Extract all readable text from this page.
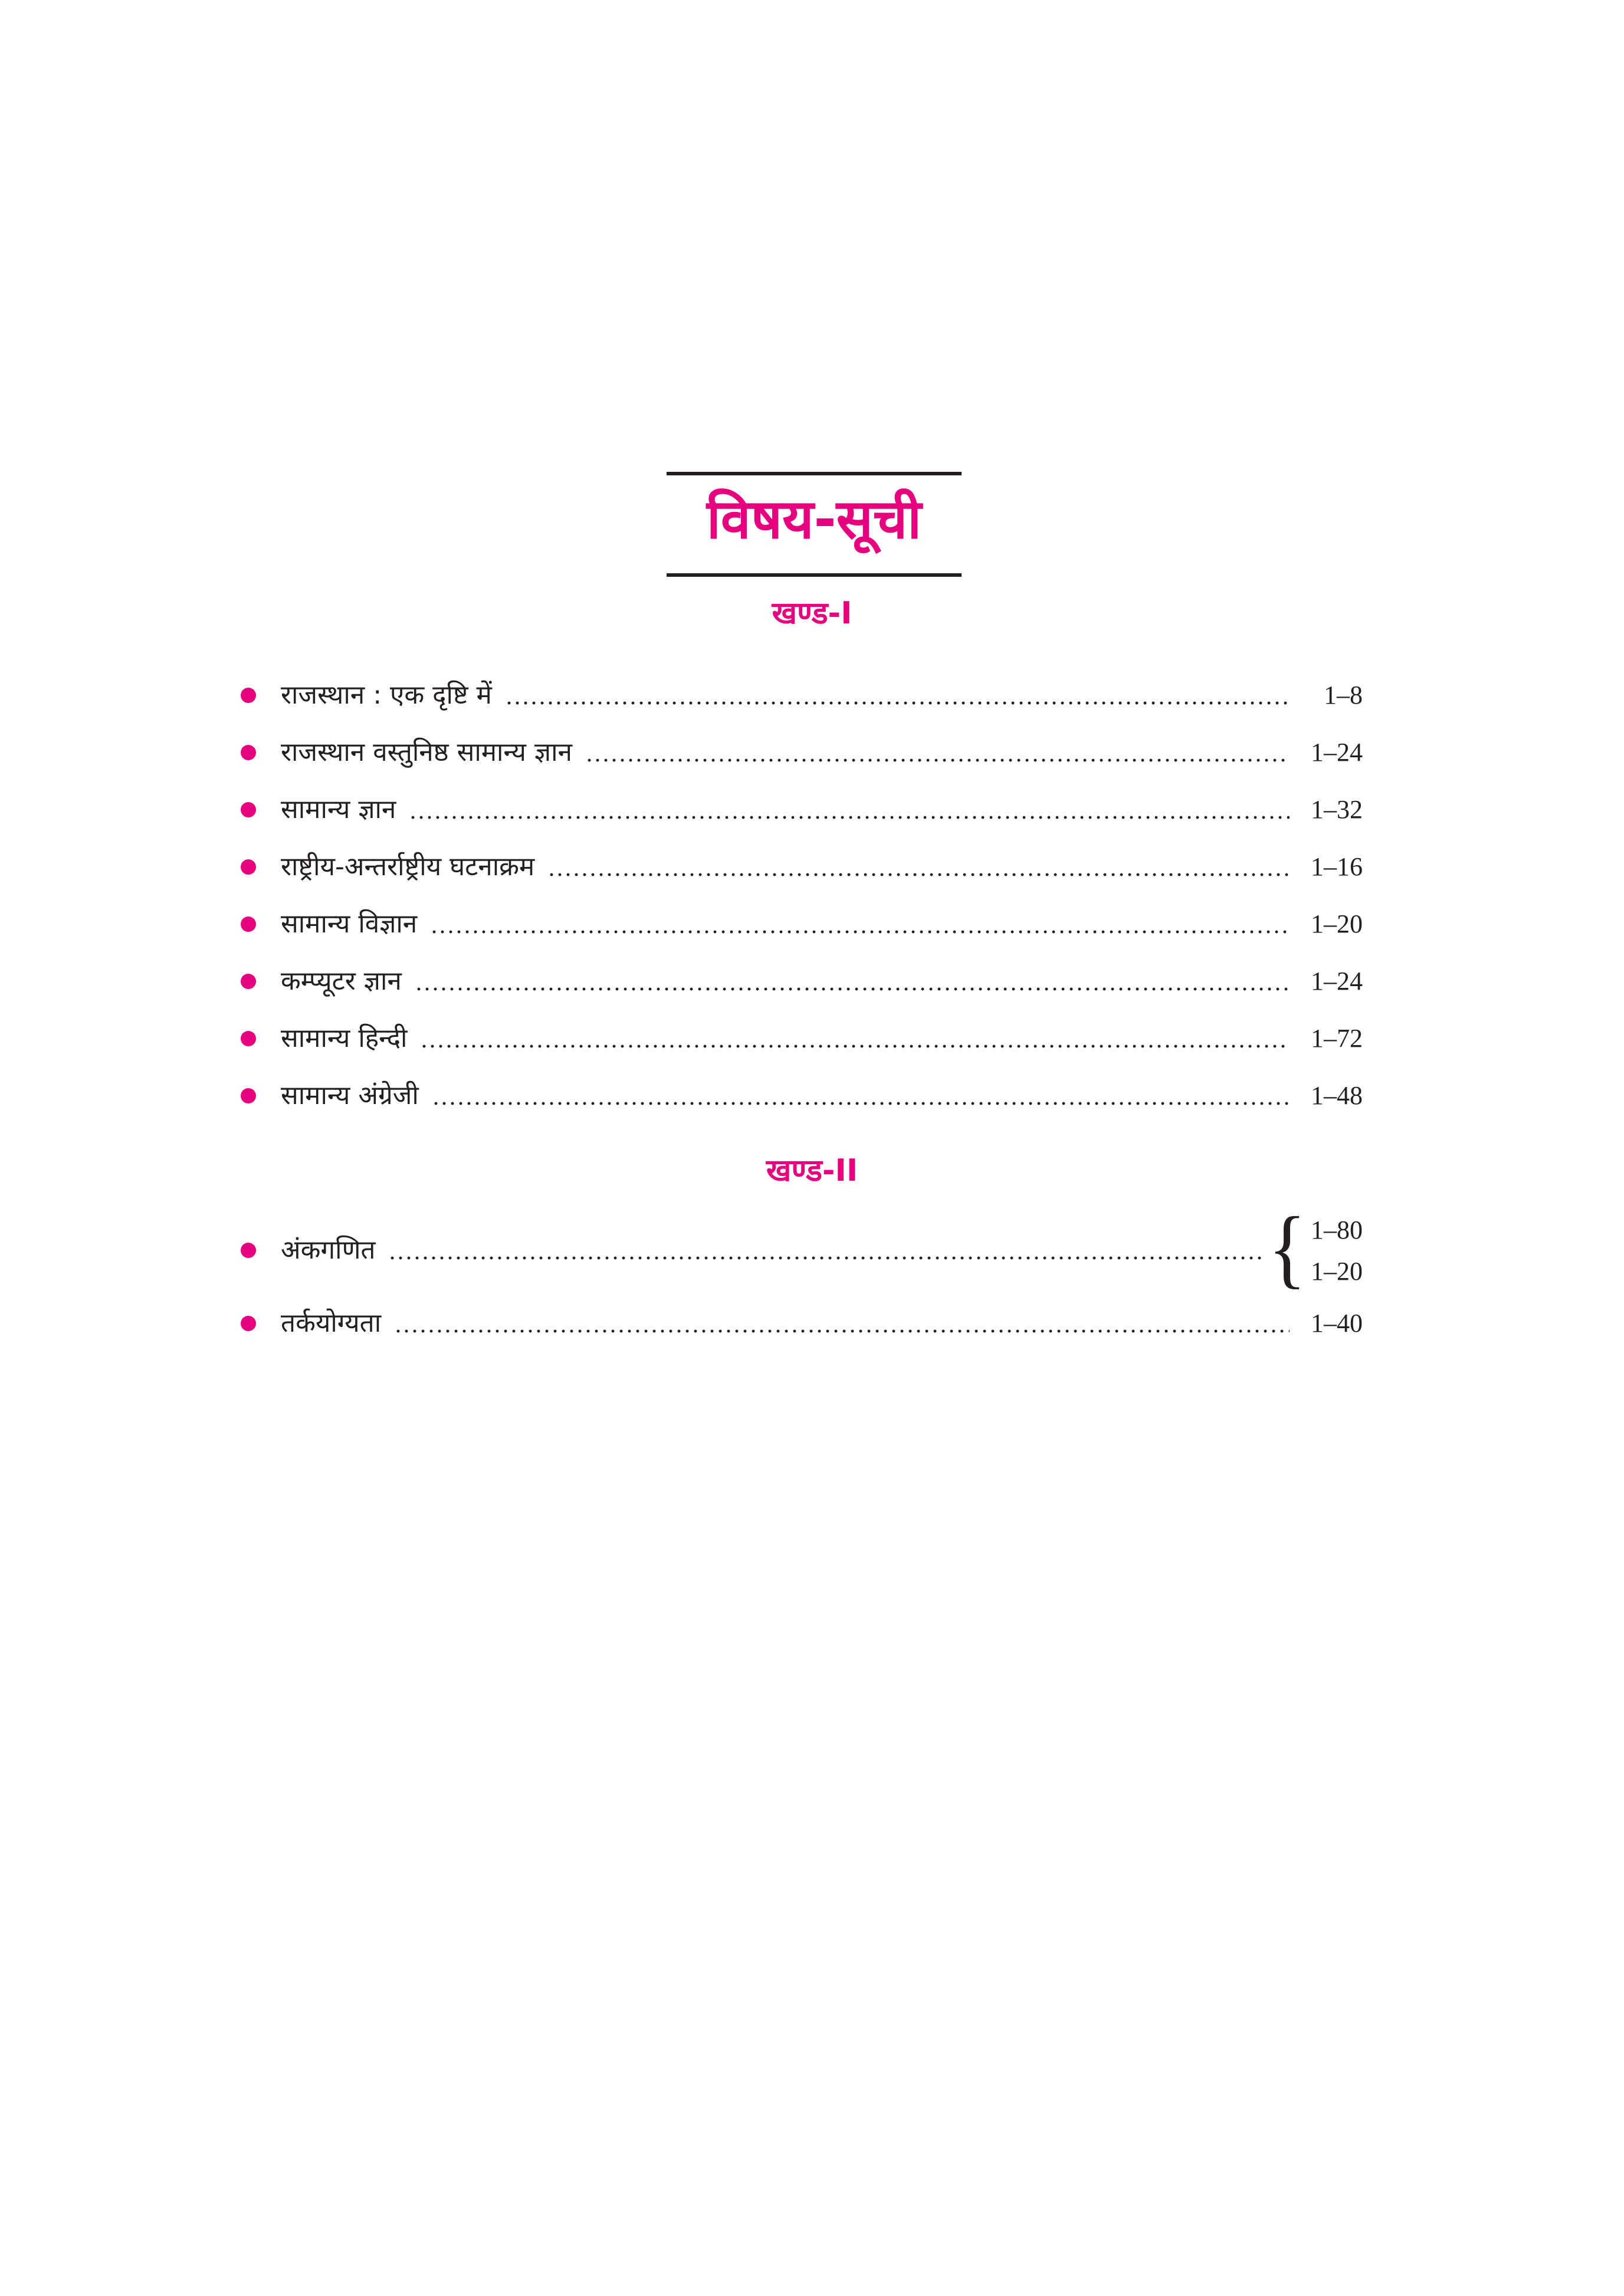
विषय-सूची
खण्ड-I
राजस्थान : एक दृष्टि में	1–8
राजस्थान वस्तुनिष्ठ सामान्य ज्ञान	1–24
सामान्य ज्ञान	1–32
राष्ट्रीय-अन्तर्राष्ट्रीय घटनाक्रम	1–16
सामान्य विज्ञान	1–20
कम्प्यूटर ज्ञान	1–24
सामान्य हिन्दी	1–72
सामान्य अंग्रेजी	1–48
खण्ड-II
अंकगणित	{ 1–80
1–20
तर्कयोग्यता	1–40
